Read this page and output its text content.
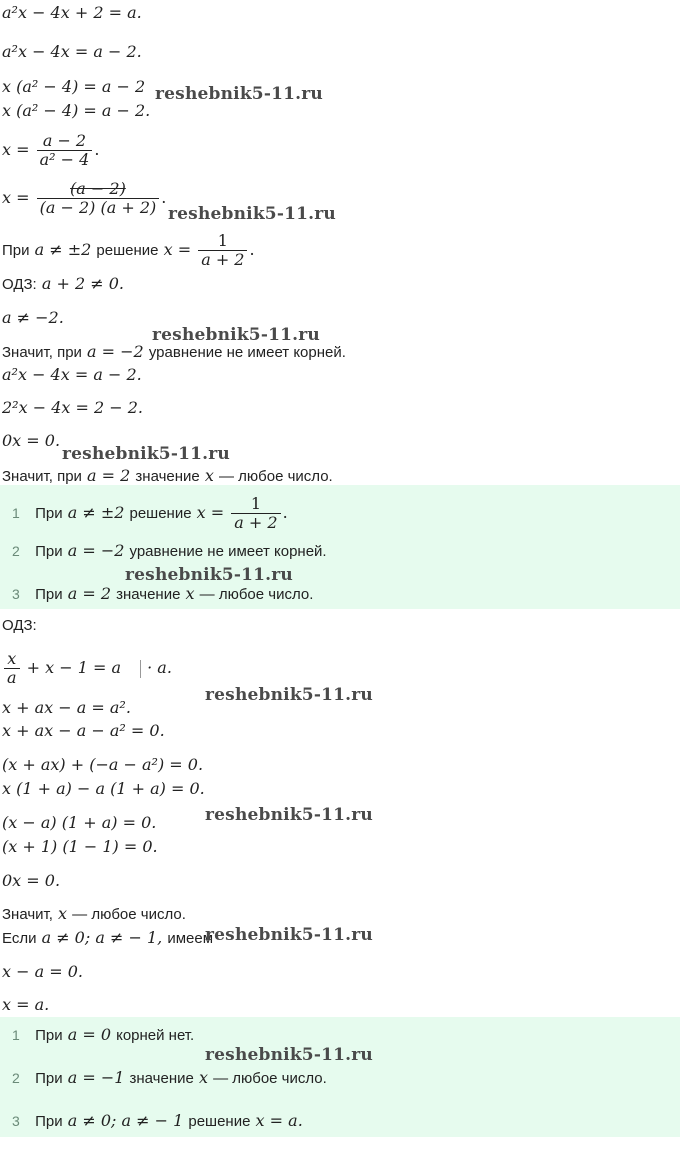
a²x − 4x + 2 = a.
a²x − 4x = a − 2.
x (a² − 4) = a − 2
x (a² − 4) = a − 2.
$x = \frac{a - 2}{\text{a² − 4}}$ .
$x = \frac{(a - 2)}{(a - 2) (a + 2)}$ .
При a ≠ ±2 решение $x = \frac{1}{a + 2}$ .
ОДЗ: a + 2 ≠ 0.
a ≠ −2.
Значит, при a = −2 уравнение не имеет корней.
a²x − 4x = a − 2.
2²x − 4x = 2 − 2.
0x = 0.
Значит, при a = 2 значение x — любое число.
1 При a ≠ ±2 решение $x = \frac{1}{a + 2}$ .
2 При a = −2 уравнение не имеет корней.
3 При a = 2 значение x — любое число.
ОДЗ:
$\frac{x}{a} + x - 1 = a \cdot a$.
x + ax − a = a².
x + ax − a − a² = 0.
(x + ax) + (−a − a²) = 0.
x (1 + a) − a (1 + a) = 0.
(x − a) (1 + a) = 0.
(x + 1) (1 − 1) = 0.
0x = 0.
Значит, x — любое число.
Если a ≠ 0; a ≠ − 1, имеем
x − a = 0.
x = a.
1 При a = 0 корней нет.
2 При a = −1 значение x — любое число.
3 При a ≠ 0; a ≠ − 1 решение x = a.
reshebnik5-11.ru
reshebnik5-11.ru
reshebnik5-11.ru
reshebnik5-11.ru
reshebnik5-11.ru
reshebnik5-11.ru
reshebnik5-11.ru
reshebnik5-11.ru
reshebnik5-11.ru
